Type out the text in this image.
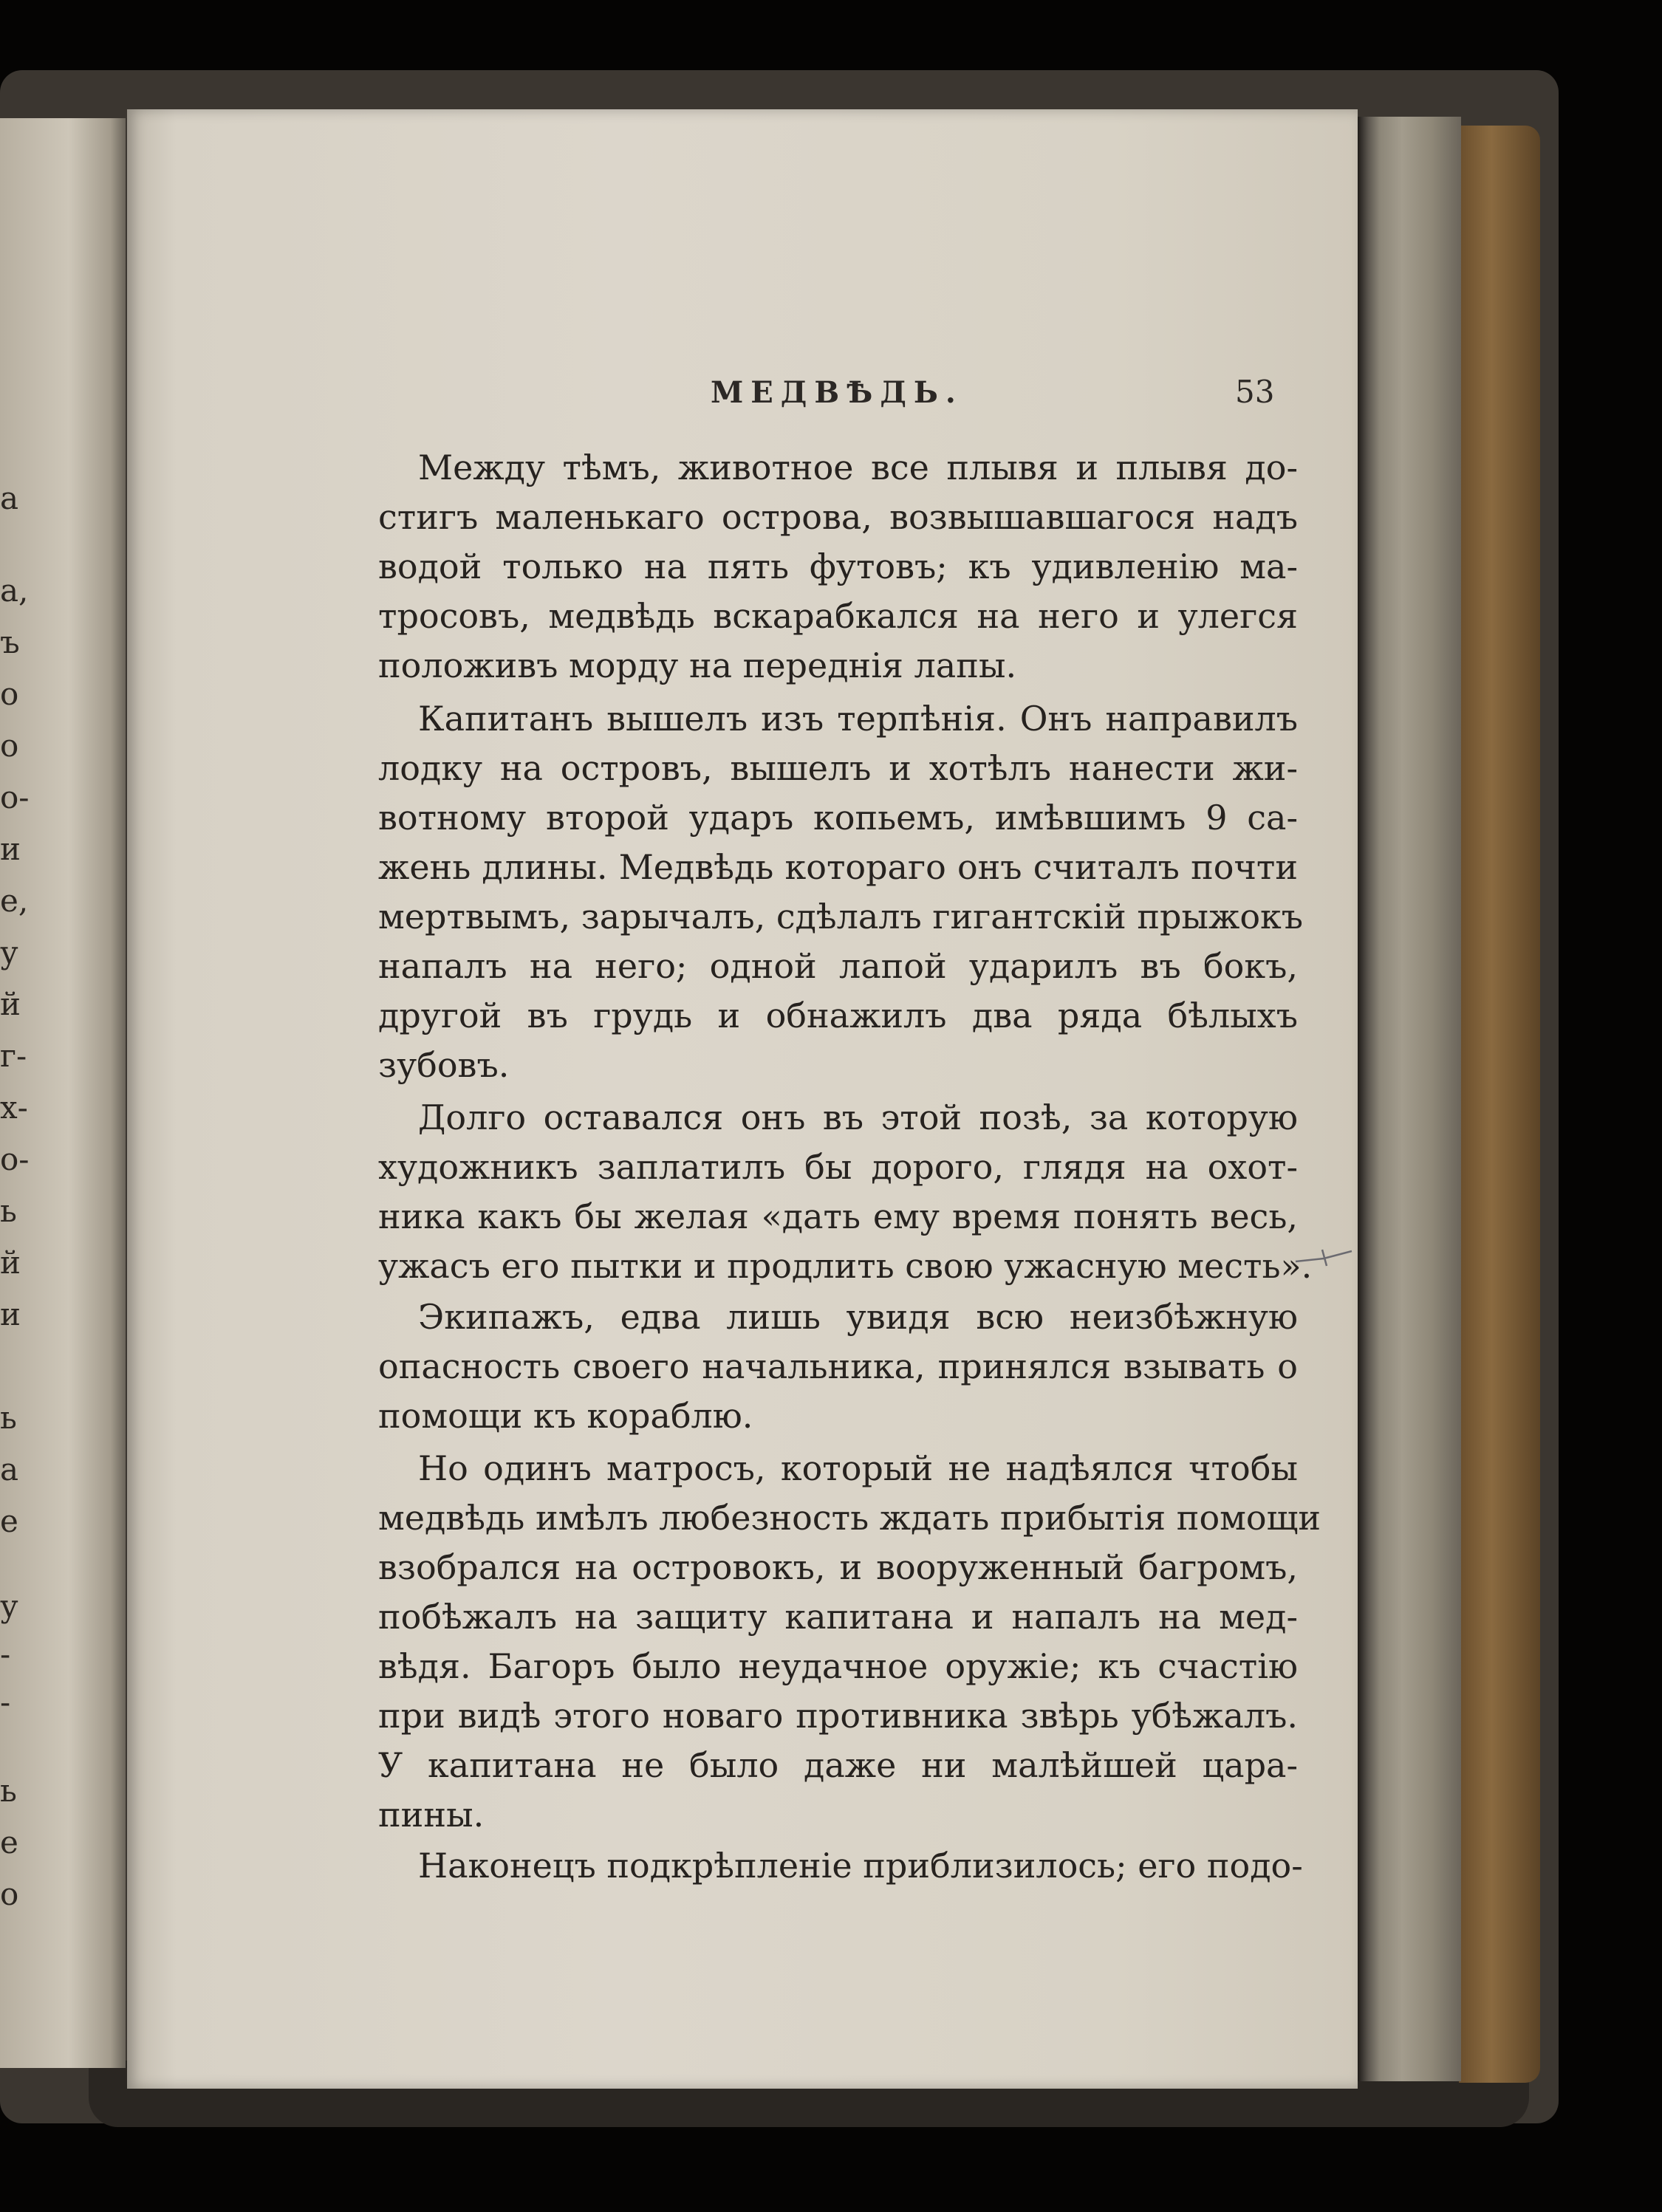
а
а,
ъ
о
о
о-
и
е,
у
й
г-
х-
о-
ь
й
и
ь
а
е
у
-
-
ь
е
о
МЕДВѢДЬ.	53
Между тѣмъ, животное все плывя и плывя до-
стигъ маленькаго острова, возвышавшагося надъ
водой только на пять футовъ; къ удивленію ма-
тросовъ, медвѣдь вскарабкался на него и улегся
положивъ морду на переднія лапы.
Капитанъ вышелъ изъ терпѣнія. Онъ направилъ
лодку на островъ, вышелъ и хотѣлъ нанести жи-
вотному второй ударъ копьемъ, имѣвшимъ 9 са-
жень длины. Медвѣдь котораго онъ считалъ почти
мертвымъ, зарычалъ, сдѣлалъ гигантскій прыжокъ
напалъ на него; одной лапой ударилъ въ бокъ,
другой въ грудь и обнажилъ два ряда бѣлыхъ
зубовъ.
Долго оставался онъ въ этой позѣ, за которую
художникъ заплатилъ бы дорого, глядя на охот-
ника какъ бы желая «дать ему время понять весь,
ужасъ его пытки и продлить свою ужасную месть».
Экипажъ, едва лишь увидя всю неизбѣжную
опасность своего начальника, принялся взывать о
помощи къ кораблю.
Но одинъ матросъ, который не надѣялся чтобы
медвѣдь имѣлъ любезность ждать прибытія помощи
взобрался на островокъ, и вооруженный багромъ,
побѣжалъ на защиту капитана и напалъ на мед-
вѣдя. Багоръ было неудачное оружіе; къ счастію
при видѣ этого новаго противника звѣрь убѣжалъ.
У капитана не было даже ни малѣйшей цара-
пины.
Наконецъ подкрѣпленіе приблизилось; его подо-
